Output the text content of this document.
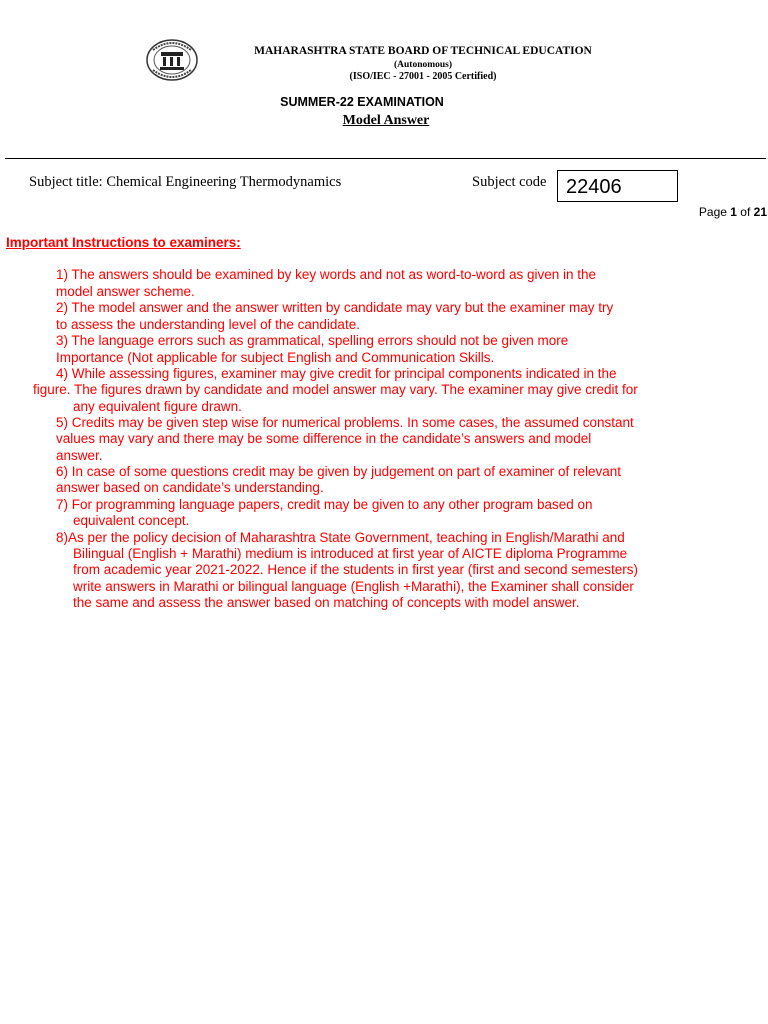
MAHARASHTRA STATE BOARD OF TECHNICAL EDUCATION
(Autonomous)
(ISO/IEC - 27001 - 2005 Certified)
SUMMER-22 EXAMINATION
Model Answer
Subject title: Chemical Engineering Thermodynamics	Subject code 22406
Page 1 of 21
Important Instructions to examiners:
1) The answers should be examined by key words and not as word-to-word as given in the
model answer scheme.
2) The model answer and the answer written by candidate may vary but the examiner may try
to assess the understanding level of the candidate.
3) The language errors such as grammatical, spelling errors should not be given more
Importance (Not applicable for subject English and Communication Skills.
4) While assessing figures, examiner may give credit for principal components indicated in the
figure. The figures drawn by candidate and model answer may vary. The examiner may give credit for
any equivalent figure drawn.
5) Credits may be given step wise for numerical problems. In some cases, the assumed constant
values may vary and there may be some difference in the candidate’s answers and model
answer.
6) In case of some questions credit may be given by judgement on part of examiner of relevant
answer based on candidate’s understanding.
7) For programming language papers, credit may be given to any other program based on
equivalent concept.
8)As per the policy decision of Maharashtra State Government, teaching in English/Marathi and
Bilingual (English + Marathi) medium is introduced at first year of AICTE diploma Programme
from academic year 2021-2022. Hence if the students in first year (first and second semesters)
write answers in Marathi or bilingual language (English +Marathi), the Examiner shall consider
the same and assess the answer based on matching of concepts with model answer.
